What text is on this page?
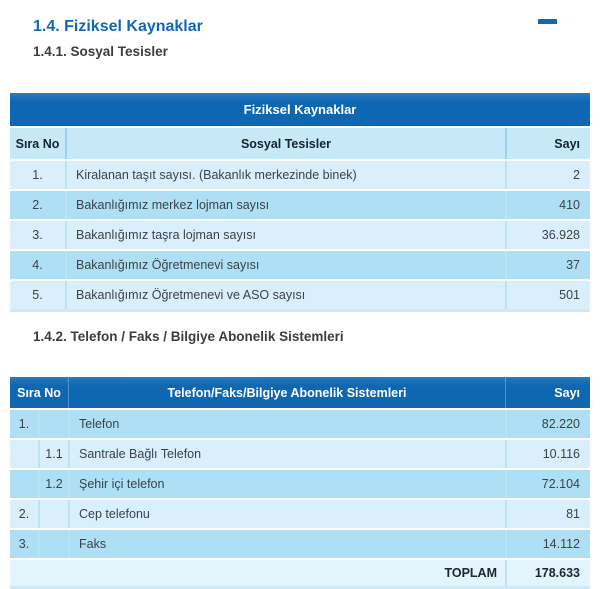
1.4. Fiziksel Kaynaklar
1.4.1. Sosyal Tesisler
Fiziksel Kaynaklar
Sıra No	Sosyal Tesisler	Sayı
1.	Kiralanan taşıt sayısı. (Bakanlık merkezinde binek)	2
2.	Bakanlığımız merkez lojman sayısı	410
3.	Bakanlığımız taşra lojman sayısı	36.928
4.	Bakanlığımız Öğretmenevi sayısı	37
5.	Bakanlığımız Öğretmenevi ve ASO sayısı	501
1.4.2. Telefon / Faks / Bilgiye Abonelik Sistemleri
Sıra No	Telefon/Faks/Bilgiye Abonelik Sistemleri	Sayı
1.	Telefon	82.220
1.1	Santrale Bağlı Telefon	10.116
1.2	Şehir içi telefon	72.104
2.	Cep telefonu	81
3.	Faks	14.112
TOPLAM	178.633
